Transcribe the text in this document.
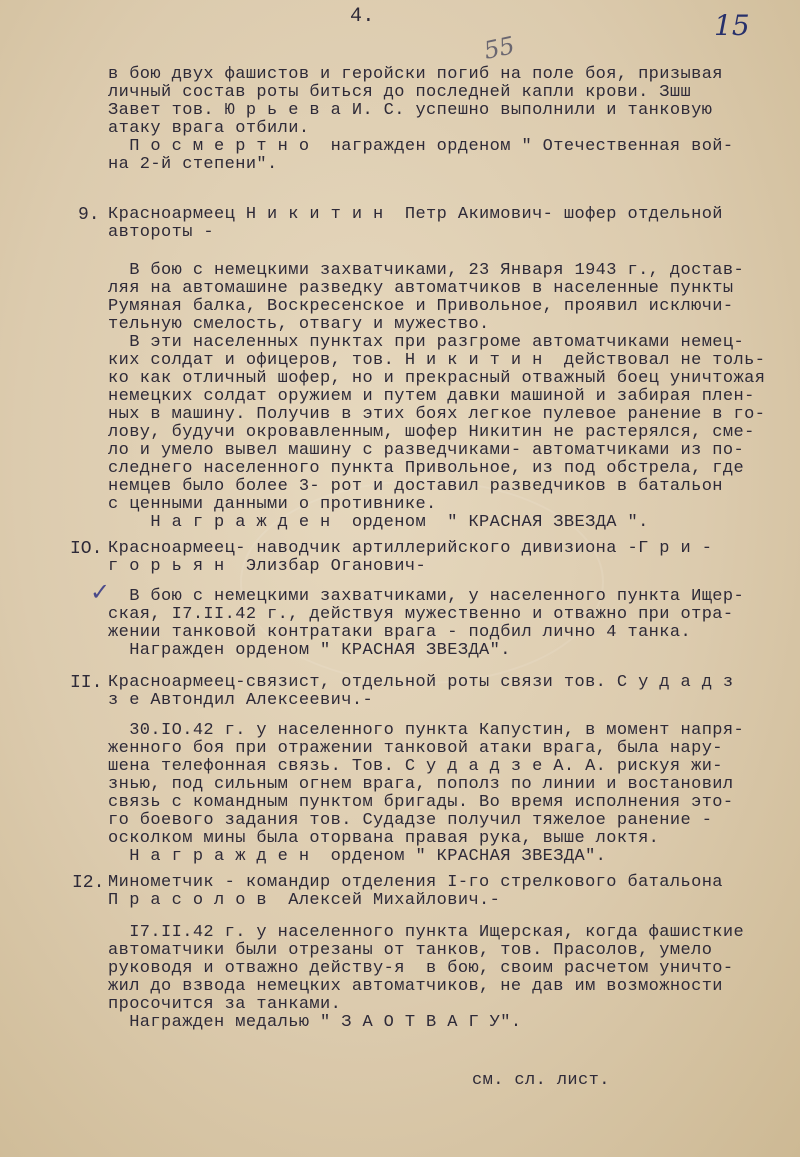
4.	15
55
✓
в бою двух фашистов и геройски погиб на поле боя, призывая
личный состав роты биться до последней капли крови. Зшш
Завет тов. Ю р ь е в а И. С. успешно выполнили и танковую
атаку врага отбили.
П о с м е р т н о  награжден орденом " Отечественная вой-
на 2-й степени".
9. Красноармеец Н и к и т и н  Петр Акимович- шофер отдельной
автороты -
В бою с немецкими захватчиками, 23 Января 1943 г., достав-
ляя на автомашине разведку автоматчиков в населенные пункты
Румяная балка, Воскресенское и Привольное, проявил исключи-
тельную смелость, отвагу и мужество.
В эти населенных пунктах при разгроме автоматчиками немец-
ких солдат и офицеров, тов. Н и к и т и н  действовал не толь-
ко как отличный шофер, но и прекрасный отважный боец уничтожая
немецких солдат оружием и путем давки машиной и забирая плен-
ных в машину. Получив в этих боях легкое пулевое ранение в го-
лову, будучи окровавленным, шофер Никитин не растерялся, сме-
ло и умело вывел машину с разведчиками- автоматчиками из по-
следнего населенного пункта Привольное, из под обстрела, где
немцев было более 3- рот и доставил разведчиков в батальон
с ценными данными о противнике.
Н а г р а ж д е н  орденом  " КРАСНАЯ ЗВЕЗДА ".
IO. Красноармеец- наводчик артиллерийского дивизиона -Г р и -
г о р ь я н  Элизбар Оганович-
В бою с немецкими захватчиками, у населенного пункта Ищер-
ская, I7.II.42 г., действуя мужественно и отважно при отра-
жении танковой контратаки врага - подбил лично 4 танка.
Награжден орденом " КРАСНАЯ ЗВЕЗДА".
II. Красноармеец-связист, отдельной роты связи тов. С у д а д з
з е Автондил Алексеевич.-
30.IO.42 г. у населенного пункта Капустин, в момент напря-
женного боя при отражении танковой атаки врага, была нару-
шена телефонная связь. Тов. С у д а д з е А. А. рискуя жи-
знью, под сильным огнем врага, пополз по линии и востановил
связь с командным пунктом бригады. Во время исполнения это-
го боевого задания тов. Судадзе получил тяжелое ранение -
осколком мины была оторвана правая рука, выше локтя.
Н а г р а ж д е н  орденом " КРАСНАЯ ЗВЕЗДА".
I2. Минометчик - командир отделения I-го стрелкового батальона
П р а с о л о в  Алексей Михайлович.-
I7.II.42 г. у населенного пункта Ищерская, когда фашисткие
автоматчики были отрезаны от танков, тов. Прасолов, умело
руководя и отважно действу-я  в бою, своим расчетом уничто-
жил до взвода немецких автоматчиков, не дав им возможности
просочится за танками.
Награжден медалью " З А О Т В А Г У".
см. сл. лист.
